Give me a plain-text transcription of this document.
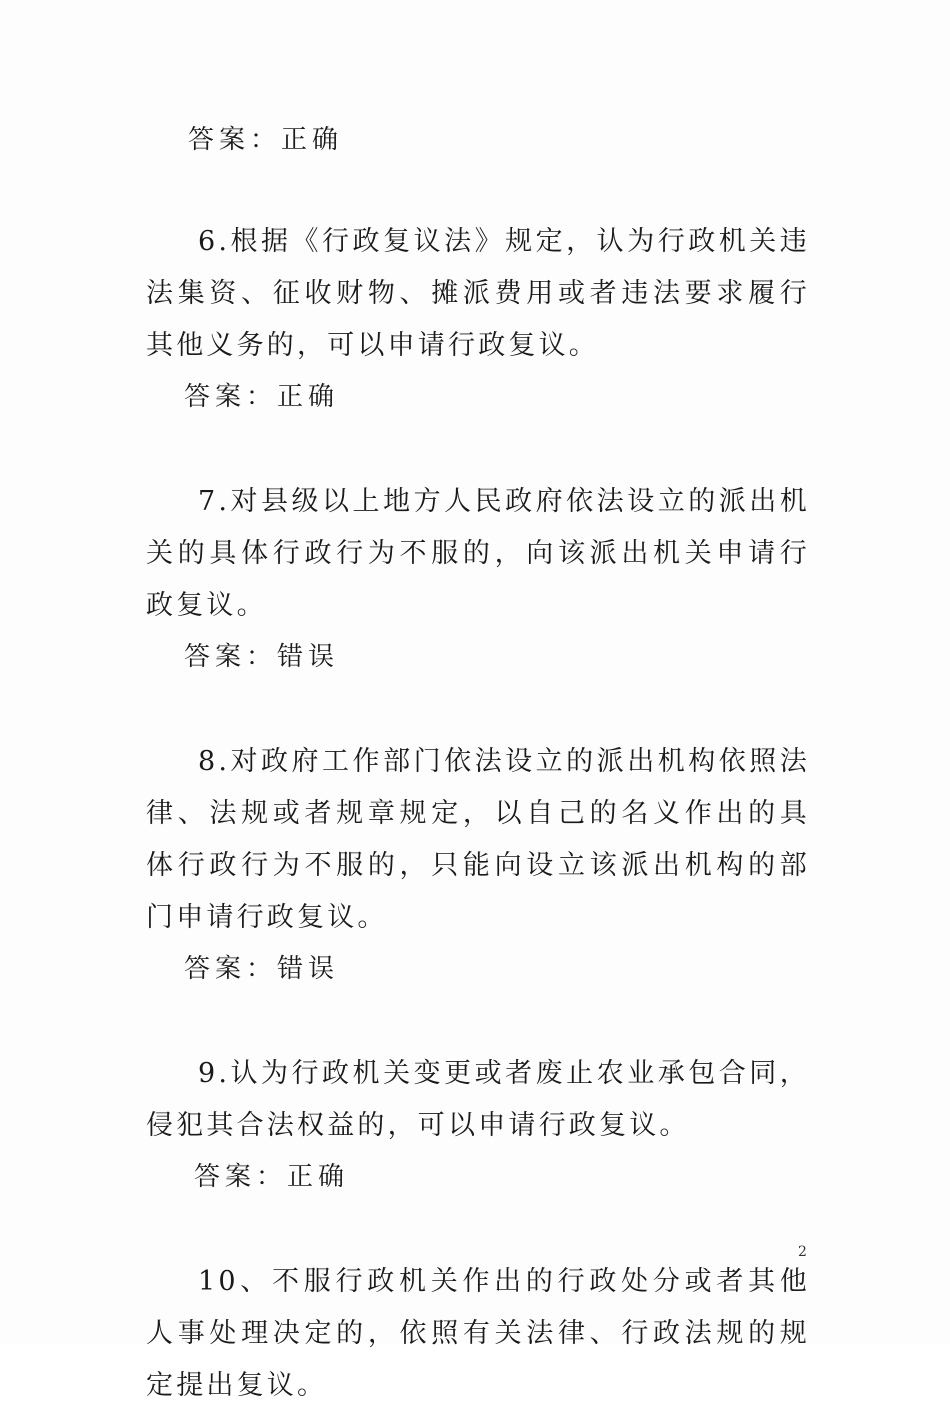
答案：正确

6.根据《行政复议法》规定，认为行政机关违法集资、征收财物、摊派费用或者违法要求履行其他义务的，可以申请行政复议。

答案：正确

7.对县级以上地方人民政府依法设立的派出机关的具体行政行为不服的，向该派出机关申请行政复议。

答案：错误

8.对政府工作部门依法设立的派出机构依照法律、法规或者规章规定，以自己的名义作出的具体行政行为不服的，只能向设立该派出机构的部门申请行政复议。

答案：错误

9.认为行政机关变更或者废止农业承包合同，侵犯其合法权益的，可以申请行政复议。

答案：正确

10、不服行政机关作出的行政处分或者其他人事处理决定的，依照有关法律、行政法规的规定提出复议。

2
